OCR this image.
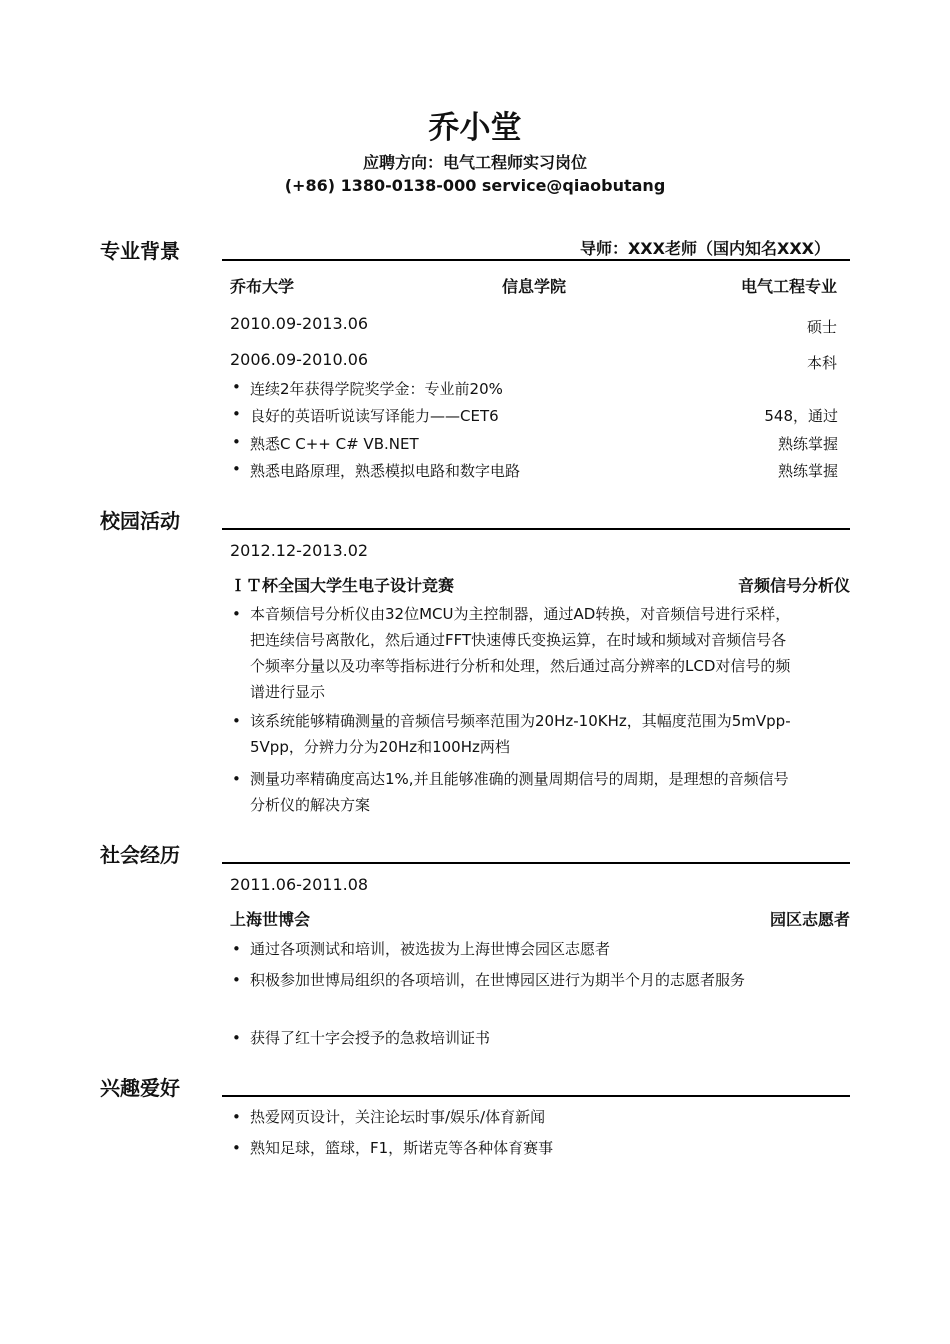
乔小堂
应聘方向：电气工程师实习岗位
(+86) 1380-0138-000 service@qiaobutang
专业背景	导师：XXX老师（国内知名XXX）
乔布大学	信息学院	电气工程专业
2010.09-2013.06	硕士
2006.09-2010.06	本科
• 连续2年获得学院奖学金：专业前20%
• 良好的英语听说读写译能力——CET6	548，通过
• 熟悉C C++ C# VB.NET	熟练掌握
• 熟悉电路原理，熟悉模拟电路和数字电路	熟练掌握
校园活动
2012.12-2013.02
ＩＴ杯全国大学生电子设计竞赛	音频信号分析仪
• 本音频信号分析仪由32位MCU为主控制器，通过AD转换，对音频信号进行采样，把连续信号离散化，然后通过FFT快速傅氏变换运算，在时域和频域对音频信号各个频率分量以及功率等指标进行分析和处理，然后通过高分辨率的LCD对信号的频谱进行显示
• 该系统能够精确测量的音频信号频率范围为20Hz-10KHz，其幅度范围为5mVpp-5Vpp，分辨力分为20Hz和100Hz两档
• 测量功率精确度高达1%,并且能够准确的测量周期信号的周期，是理想的音频信号分析仪的解决方案
社会经历
2011.06-2011.08
上海世博会	园区志愿者
• 通过各项测试和培训，被选拔为上海世博会园区志愿者
• 积极参加世博局组织的各项培训，在世博园区进行为期半个月的志愿者服务
• 获得了红十字会授予的急救培训证书
兴趣爱好
• 热爱网页设计，关注论坛时事/娱乐/体育新闻
• 熟知足球，篮球，F1，斯诺克等各种体育赛事
